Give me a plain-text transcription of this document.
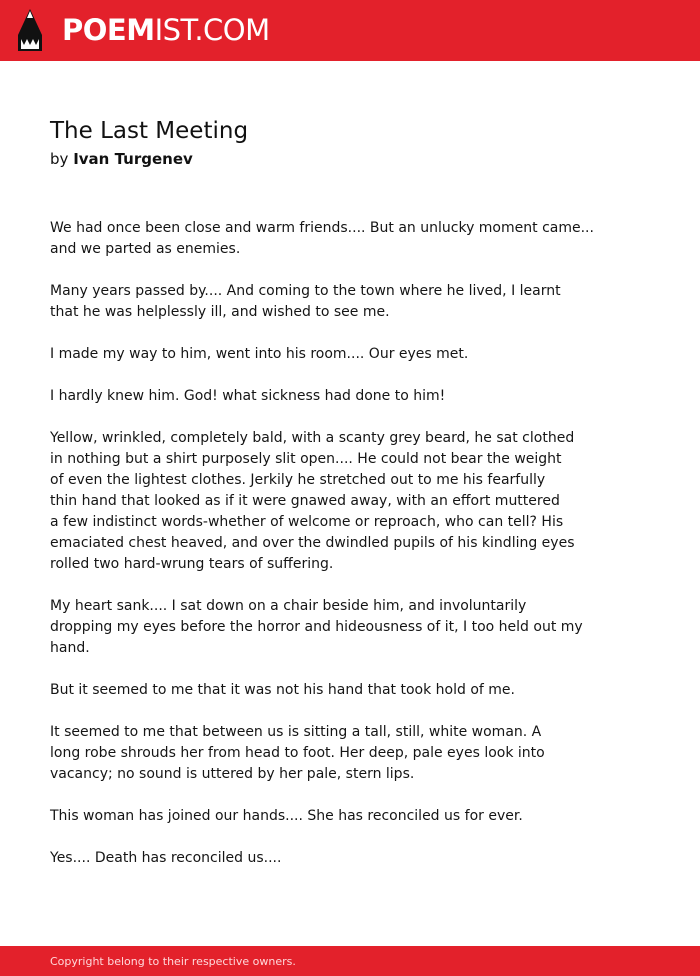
POEMIST.COM
The Last Meeting
by Ivan Turgenev
We had once been close and warm friends.... But an unlucky moment came...
and we parted as enemies.
Many years passed by.... And coming to the town where he lived, I learnt
that he was helplessly ill, and wished to see me.
I made my way to him, went into his room.... Our eyes met.
I hardly knew him. God! what sickness had done to him!
Yellow, wrinkled, completely bald, with a scanty grey beard, he sat clothed
in nothing but a shirt purposely slit open.... He could not bear the weight
of even the lightest clothes. Jerkily he stretched out to me his fearfully
thin hand that looked as if it were gnawed away, with an effort muttered
a few indistinct words-whether of welcome or reproach, who can tell? His
emaciated chest heaved, and over the dwindled pupils of his kindling eyes
rolled two hard-wrung tears of suffering.
My heart sank.... I sat down on a chair beside him, and involuntarily
dropping my eyes before the horror and hideousness of it, I too held out my
hand.
But it seemed to me that it was not his hand that took hold of me.
It seemed to me that between us is sitting a tall, still, white woman. A
long robe shrouds her from head to foot. Her deep, pale eyes look into
vacancy; no sound is uttered by her pale, stern lips.
This woman has joined our hands.... She has reconciled us for ever.
Yes.... Death has reconciled us....
Copyright belong to their respective owners.
